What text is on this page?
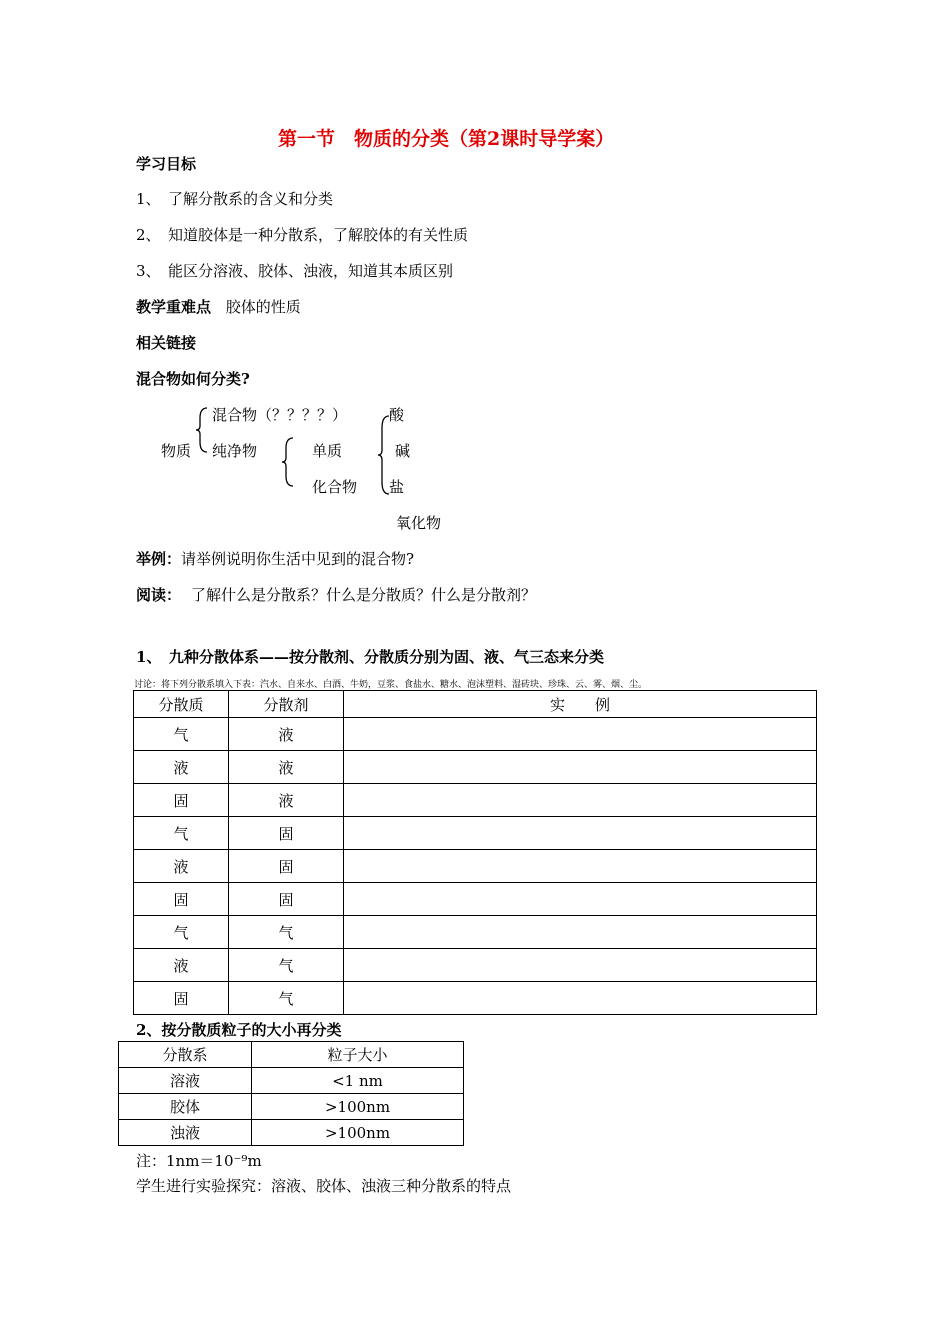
第一节　物质的分类（第2课时导学案）
学习目标
1、　了解分散系的含义和分类
2、　知道胶体是一种分散系，了解胶体的有关性质
3、　能区分溶液、胶体、浊液，知道其本质区别
教学重难点 胶体的性质
相关链接
混合物如何分类?
物质
混合物（？？？？）
纯净物	单质
化合物
酸
碱
盐
氧化物
举例：请举例说明你生活中见到的混合物?
阅读： 了解什么是分散系？什么是分散质？什么是分散剂？
1、　九种分散体系——按分散剂、分散质分别为固、液、气三态来分类
讨论：将下列分散系填入下表：汽水、自来水、白酒、牛奶，豆浆、食盐水、糖水、泡沫塑料、湿砖块、珍珠、云、雾、烟、尘。
分散质	分散剂	实　　例
气	液	
液	液	
固	液	
气	固	
液	固	
固	固	
气	气	
液	气	
固	气	
2、按分散质粒子的大小再分类
分散系	粒子大小
溶液	<1 nm
胶体	>100nm
浊液	>100nm
注：1nm＝10⁻⁹m
学生进行实验探究：溶液、胶体、浊液三种分散系的特点
